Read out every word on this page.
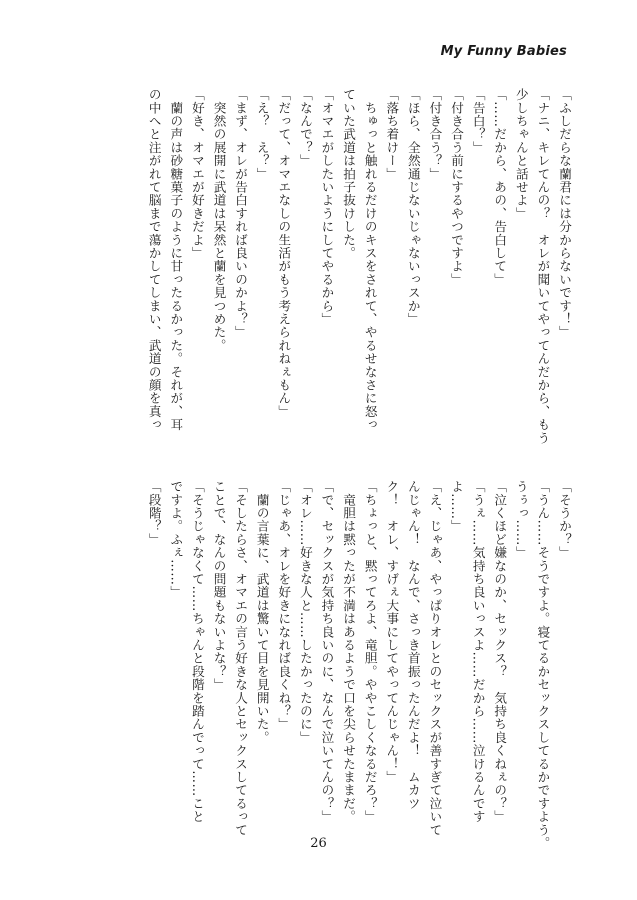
My Funny Babies
「ふしだらな蘭君には分からないです！」
「ナニ、キレてんの？　オレが聞いてやってんだから、もう
少しちゃんと話せよ」
「……だから、あの、告白して」
「告白？」
「付き合う前にするやつですよ」
「付き合う？」
「ほら、全然通じないじゃないっスか」
「落ち着けー」
　ちゅっと触れるだけのキスをされて、やるせなさに怒っ
ていた武道は拍子抜けした。
「オマエがしたいようにしてやるから」
「なんで？」
「だって、オマエなしの生活がもう考えられねぇもん」
「え？　え？」
「まず、オレが告白すれば良いのかよ？」
　突然の展開に武道は呆然と蘭を見つめた。
「好き、オマエが好きだよ」
　蘭の声は砂糖菓子のように甘ったるかった。それが、耳
の中へと注がれて脳まで蕩かしてしまい、武道の顔を真っ
「そうか？」
「うん……そうですよ。寝てるかセックスしてるかですよう。
うぅっ……」
「泣くほど嫌なのか、セックス？　気持ち良くねぇの？」
「うぇ……気持ち良いっスよ……だから……泣けるんです
よ……」
「え、じゃあ、やっぱりオレとのセックスが善すぎて泣いて
んじゃん！　なんで、さっき首振ったんだよ！　ムカツ
ク！　オレ、すげぇ大事にしてやってんじゃん！」
「ちょっと、黙ってろよ、竜胆。ややこしくなるだろ？」
　竜胆は黙ったが不満はあるようで口を尖らせたままだ。
「で、セックスが気持ち良いのに、なんで泣いてんの？」
「オレ……好きな人と……したかったのに」
「じゃあ、オレを好きになれば良くね？」
　蘭の言葉に、武道は驚いて目を見開いた。
「そしたらさ、オマエの言う好きな人とセックスしてるって
ことで、なんの問題もないよな？」
「そうじゃなくて……ちゃんと段階を踏んでって……こと
ですよ。ふぇ……」
「段階？」
26
